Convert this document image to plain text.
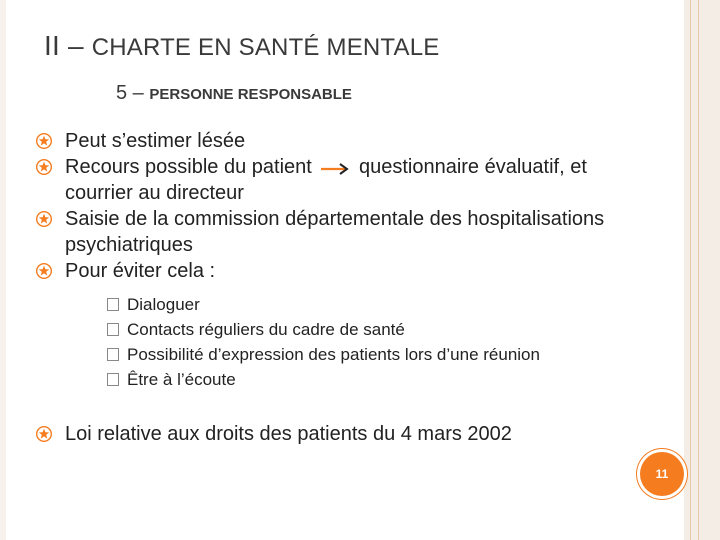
II – CHARTE EN SANTÉ MENTALE
5 – PERSONNE RESPONSABLE
Peut s’estimer lésée
Recours possible du patient questionnaire évaluatif, et courrier au directeur
Saisie de la commission départementale des hospitalisations psychiatriques
Pour éviter cela :
Dialoguer
Contacts réguliers du cadre de santé
Possibilité d’expression des patients lors d’une réunion
Être à l’écoute
Loi relative aux droits des patients du 4 mars 2002
11
